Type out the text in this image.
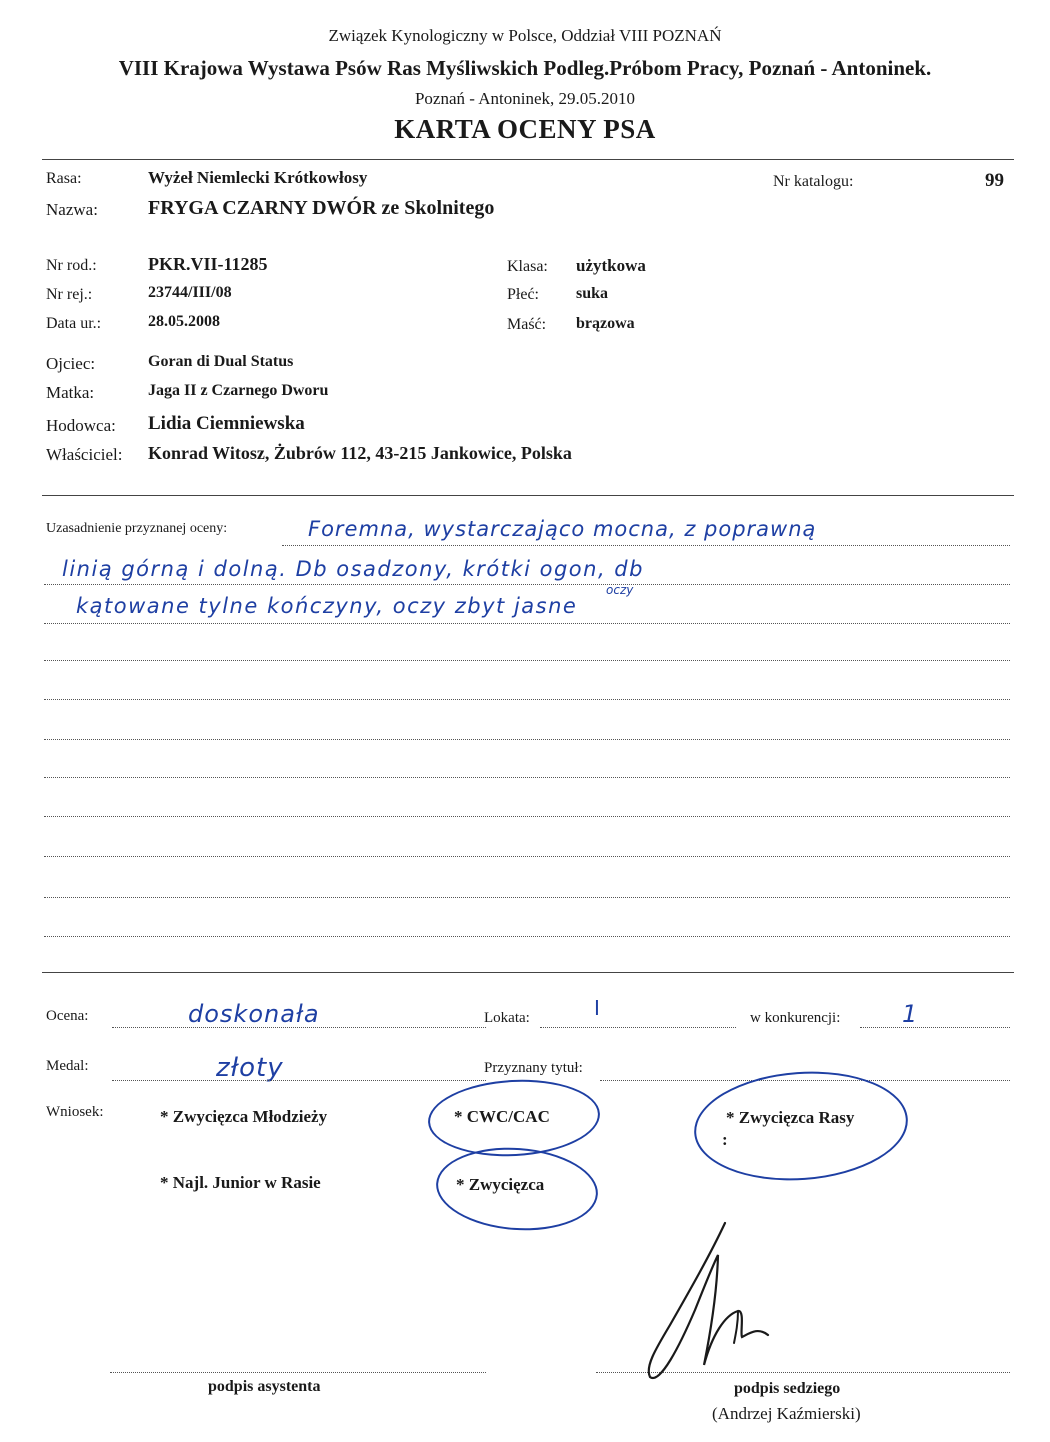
Związek Kynologiczny w Polsce, Oddział VIII POZNAŃ
VIII Krajowa Wystawa Psów Ras Myśliwskich Podleg.Próbom Pracy, Poznań - Antoninek.
Poznań - Antoninek, 29.05.2010
KARTA OCENY PSA
Rasa:	Wyżeł Niemlecki Krótkowłosy	Nr katalogu:	99
Nazwa:	FRYGA CZARNY DWÓR ze Skolnitego
Nr rod.:	PKR.VII-11285
Nr rej.:	23744/III/08
Data ur.:	28.05.2008
Klasa: użytkowa
Płeć: suka
Maść: brązowa
Ojciec:	Goran di Dual Status
Matka:	Jaga II z Czarnego Dworu
Hodowca: Lidia Ciemniewska
Właściciel: Konrad Witosz, Żubrów 112, 43-215 Jankowice, Polska
Uzasadnienie przyznanej oceny:	Foremna, wystarczająco mocna, z poprawną
linią górną i dolną. Db osadzony, krótki ogon, db
kątowane tylne kończyny, oczy zbyt jasne
oczy
Ocena:	doskonała	Lokata:	I	w konkurencji:	1
Medal:	złoty	Przyznany tytuł:
Wniosek:	* Zwycięzca Młodzieży	* CWC/CAC	* Zwycięzca Rasy
:
* Najl. Junior w Rasie	* Zwycięzca
podpis asystenta	podpis sedziego
(Andrzej Kaźmierski)
